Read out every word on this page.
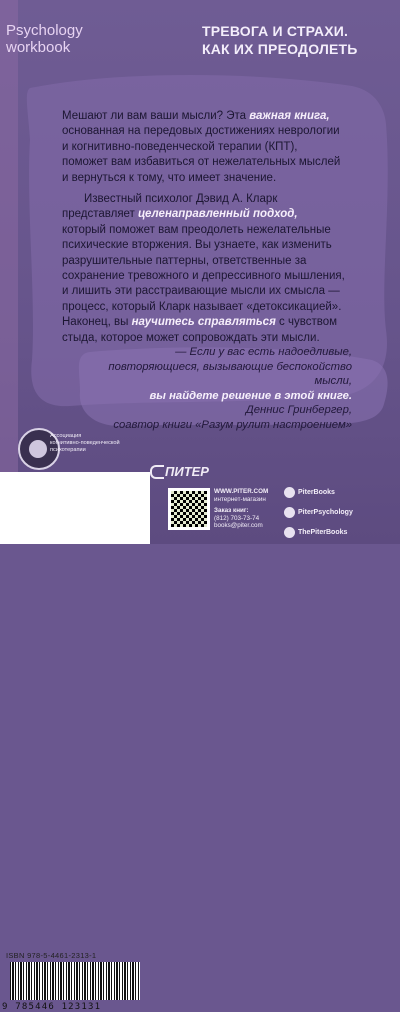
Psychology
workbook
ТРЕВОГА И СТРАХИ.
КАК ИХ ПРЕОДОЛЕТЬ
Мешают ли вам ваши мысли? Эта важная книга,
основанная на передовых достижениях неврологии
и когнитивно-поведенческой терапии (КПТ),
поможет вам избавиться от нежелательных мыслей
и вернуться к тому, что имеет значение.
Известный психолог Дэвид А. Кларк
представляет целенаправленный подход,
который поможет вам преодолеть нежелательные
психические вторжения. Вы узнаете, как изменить
разрушительные паттерны, ответственные за
сохранение тревожного и депрессивного мышления,
и лишить эти расстраивающие мысли их смысла —
процесс, который Кларк называет «детоксикацией».
Наконец, вы научитесь справляться с чувством
стыда, которое может сопровождать эти мысли.
— Если у вас есть надоедливые,
повторяющиеся, вызывающие беспокойство мысли,
вы найдете решение в этой книге.
Деннис Гринбергер,
соавтор книги «Разум рулит настроением»
Ассоциация
когнитивно-поведенческой
психотерапии
ПИТЕР
ISBN 978-5-4461-2313-1
9 785446 123131
WWW.PITER.COM
интернет-магазин
Заказ книг:
(812) 703-73-74
books@piter.com
PiterBooks
PiterPsychology
ThePiterBooks
